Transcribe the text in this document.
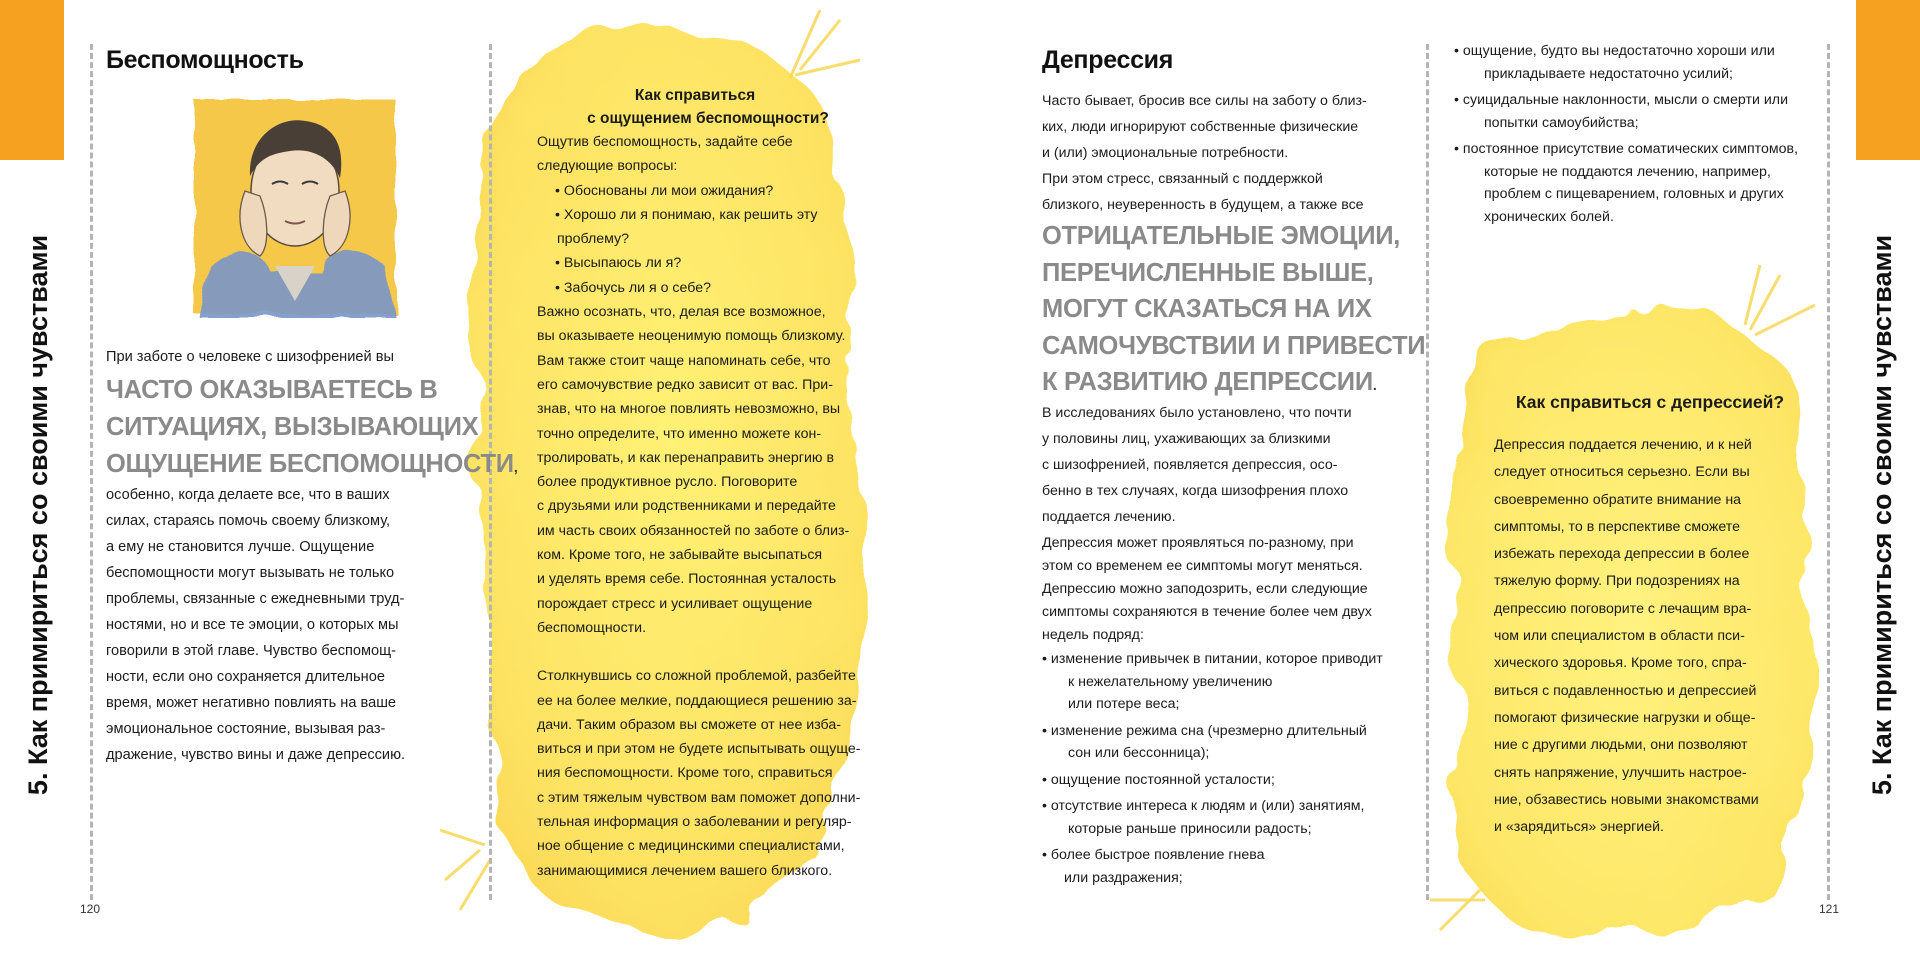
5. Как примириться со своими чувствами	5. Как примириться со своими чувствами
120	121
Беспомощность
При заботе о человеке с шизофренией вы
ЧАСТО ОКАЗЫВАЕТЕСЬ В
СИТУАЦИЯХ, ВЫЗЫВАЮЩИХ
ОЩУЩЕНИЕ БЕСПОМОЩНОСТИ,
особенно, когда делаете все, что в ваших
силах, стараясь помочь своему близкому,
а ему не становится лучше. Ощущение
беспомощности могут вызывать не только
проблемы, связанные с ежедневными труд-
ностями, но и все те эмоции, о которых мы
говорили в этой главе. Чувство беспомощ-
ности, если оно сохраняется длительное
время, может негативно повлиять на ваше
эмоциональное состояние, вызывая раз-
дражение, чувство вины и даже депрессию.
Как справиться
с ощущением беспомощности?
Ощутив беспомощность, задайте себе
следующие вопросы:
• Обоснованы ли мои ожидания?
• Хорошо ли я понимаю, как решить эту
проблему?
• Высыпаюсь ли я?
• Забочусь ли я о себе?
Важно осознать, что, делая все возможное,
вы оказываете неоценимую помощь близкому.
Вам также стоит чаще напоминать себе, что
его самочувствие редко зависит от вас. При-
знав, что на многое повлиять невозможно, вы
точно определите, что именно можете кон-
тролировать, и как перенаправить энергию в
более продуктивное русло. Поговорите
с друзьями или родственниками и передайте
им часть своих обязанностей по заботе о близ-
ком. Кроме того, не забывайте высыпаться
и уделять время себе. Постоянная усталость
порождает стресс и усиливает ощущение
беспомощности.
Столкнувшись со сложной проблемой, разбейте
ее на более мелкие, поддающиеся решению за-
дачи. Таким образом вы сможете от нее изба-
виться и при этом не будете испытывать ощуще-
ния беспомощности. Кроме того, справиться
с этим тяжелым чувством вам поможет дополни-
тельная информация о заболевании и регуляр-
ное общение с медицинскими специалистами,
занимающимися лечением вашего близкого.
Депрессия
Часто бывает, бросив все силы на заботу о близ-
ких, люди игнорируют собственные физические
и (или) эмоциональные потребности.
При этом стресс, связанный с поддержкой
близкого, неуверенность в будущем, а также все
ОТРИЦАТЕЛЬНЫЕ ЭМОЦИИ,
ПЕРЕЧИСЛЕННЫЕ ВЫШЕ,
МОГУТ СКАЗАТЬСЯ НА ИХ
САМОЧУВСТВИИ И ПРИВЕСТИ
К РАЗВИТИЮ ДЕПРЕССИИ.
В исследованиях было установлено, что почти
у половины лиц, ухаживающих за близкими
с шизофренией, появляется депрессия, осо-
бенно в тех случаях, когда шизофрения плохо
поддается лечению.
Депрессия может проявляться по-разному, при
этом со временем ее симптомы могут меняться.
Депрессию можно заподозрить, если следующие
симптомы сохраняются в течение более чем двух
недель подряд:
• изменение привычек в питании, которое приводит
к нежелательному увеличению
или потере веса;
• изменение режима сна (чрезмерно длительный
сон или бессонница);
• ощущение постоянной усталости;
• отсутствие интереса к людям и (или) занятиям,
которые раньше приносили радость;
• более быстрое появление гнева
или раздражения;
• ощущение, будто вы недостаточно хороши или
прикладываете недостаточно усилий;
• суицидальные наклонности, мысли о смерти или
попытки самоубийства;
• постоянное присутствие соматических симптомов,
которые не поддаются лечению, например,
проблем с пищеварением, головных и других
хронических болей.
Как справиться с депрессией?
Депрессия поддается лечению, и к ней
следует относиться серьезно. Если вы
своевременно обратите внимание на
симптомы, то в перспективе сможете
избежать перехода депрессии в более
тяжелую форму. При подозрениях на
депрессию поговорите с лечащим вра-
чом или специалистом в области пси-
хического здоровья. Кроме того, спра-
виться с подавленностью и депрессией
помогают физические нагрузки и обще-
ние с другими людьми, они позволяют
снять напряжение, улучшить настрое-
ние, обзавестись новыми знакомствами
и «зарядиться» энергией.
